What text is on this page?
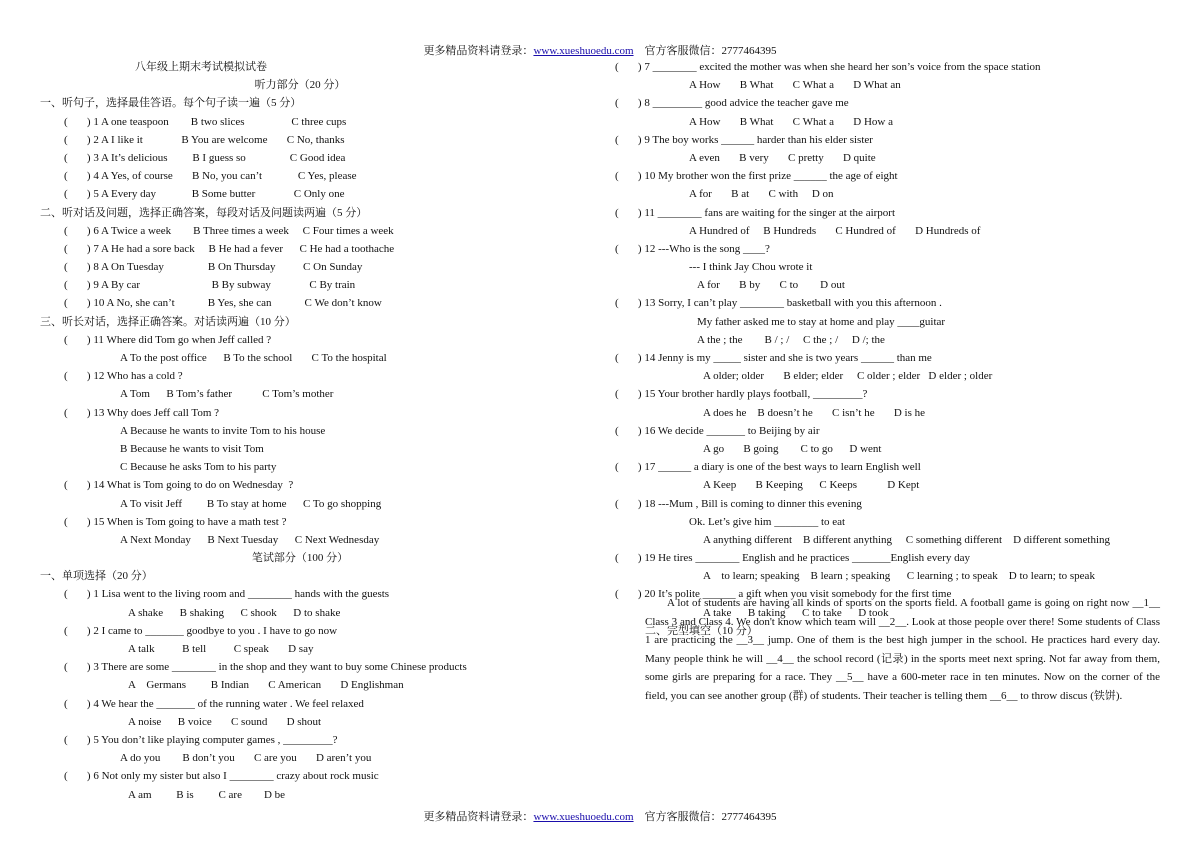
更多精品资料请登录：www.xueshuoedu.com 官方客服微信：2777464395
八年级上期末考试模拟试卷
听力部分（20 分）
一、听句子，选择最佳答语。每个句子读一遍（5 分）
(       ) 1 A one teaspoon        B two slices                 C three cups
(       ) 2 A I like it              B You are welcome       C No, thanks
(       ) 3 A It’s delicious         B I guess so                C Good idea
(       ) 4 A Yes, of course       B No, you can’t             C Yes, please
(       ) 5 A Every day             B Some butter              C Only one
二、听对话及问题，选择正确答案，每段对话及问题读两遍（5 分）
(       ) 6 A Twice a week        B Three times a week     C Four times a week
(       ) 7 A He had a sore back     B He had a fever      C He had a toothache
(       ) 8 A On Tuesday                B On Thursday          C On Sunday
(       ) 9 A By car                          B By subway              C By train
(       ) 10 A No, she can’t            B Yes, she can            C We don’t know
三、听长对话，选择正确答案。对话读两遍（10 分）
(       ) 11 Where did Tom go when Jeff called ?
A To the post office      B To the school       C To the hospital
(       ) 12 Who has a cold ?
A Tom      B Tom’s father           C Tom’s mother
(       ) 13 Why does Jeff call Tom ?
A Because he wants to invite Tom to his house
B Because he wants to visit Tom
C Because he asks Tom to his party
(       ) 14 What is Tom going to do on Wednesday  ?
A To visit Jeff         B To stay at home      C To go shopping
(       ) 15 When is Tom going to have a math test ?
A Next Monday      B Next Tuesday      C Next Wednesday
笔试部分（100 分）
一、单项选择（20 分）
(       ) 1 Lisa went to the living room and ________ hands with the guests
A shake      B shaking      C shook      D to shake
(       ) 2 I came to _______ goodbye to you . I have to go now
A talk          B tell          C speak       D say
(       ) 3 There are some ________ in the shop and they want to buy some Chinese products
A    Germans         B Indian       C American       D Englishman
(       ) 4 We hear the _______ of the running water . We feel relaxed
A noise      B voice       C sound       D shout
(       ) 5 You don’t like playing computer games , _________?
A do you        B don’t you       C are you       D aren’t you
(       ) 6 Not only my sister but also I ________ crazy about rock music
A am         B is         C are        D be
(       ) 7 ________ excited the mother was when she heard her son’s voice from the space station
A How       B What       C What a       D What an
(       ) 8 _________ good advice the teacher gave me
A How       B What       C What a       D How a
(       ) 9 The boy works ______ harder than his elder sister
A even       B very       C pretty       D quite
(       ) 10 My brother won the first prize ______ the age of eight
A for       B at       C with     D on
(       ) 11 ________ fans are waiting for the singer at the airport
A Hundred of     B Hundreds       C Hundred of       D Hundreds of
(       ) 12 ---Who is the song ____?
--- I think Jay Chou wrote it
A for       B by       C to        D out
(       ) 13 Sorry, I can’t play ________ basketball with you this afternoon .
My father asked me to stay at home and play ____guitar
A the ; the        B / ; /     C the ; /     D /; the
(       ) 14 Jenny is my _____ sister and she is two years ______ than me
A older; older       B elder; elder     C older ; elder   D elder ; older
(       ) 15 Your brother hardly plays football, _________?
A does he    B doesn’t he       C isn’t he       D is he
(       ) 16 We decide _______ to Beijing by air
A go       B going        C to go      D went
(       ) 17 ______ a diary is one of the best ways to learn English well
A Keep       B Keeping      C Keeps           D Kept
(       ) 18 ---Mum , Bill is coming to dinner this evening
Ok. Let’s give him ________ to eat
A anything different    B different anything     C something different    D different something
(       ) 19 He tires ________ English and he practices _______English every day
A    to learn; speaking    B learn ; speaking      C learning ; to speak    D to learn; to speak
(       ) 20 It’s polite ______ a gift when you visit somebody for the first time
A take      B taking      C to take      D took
二、完型填空（10 分）
A lot of students are having all kinds of sports on the sports field. A football game is going on right now __1__ Class 3 and Class 4. We don't know which team will __2__. Look at those people over there! Some students of Class 1 are practicing the __3__ jump. One of them is the best high jumper in the school. He practices hard every day. Many people think he will __4__ the school record (记录) in the sports meet next spring. Not far away from them, some girls are preparing for a race. They __5__ have a 600-meter race in ten minutes. Now on the corner of the field, you can see another group (群) of students. Their teacher is telling them __6__ to throw discus (铁饼).
更多精品资料请登录：www.xueshuoedu.com 官方客服微信：2777464395
